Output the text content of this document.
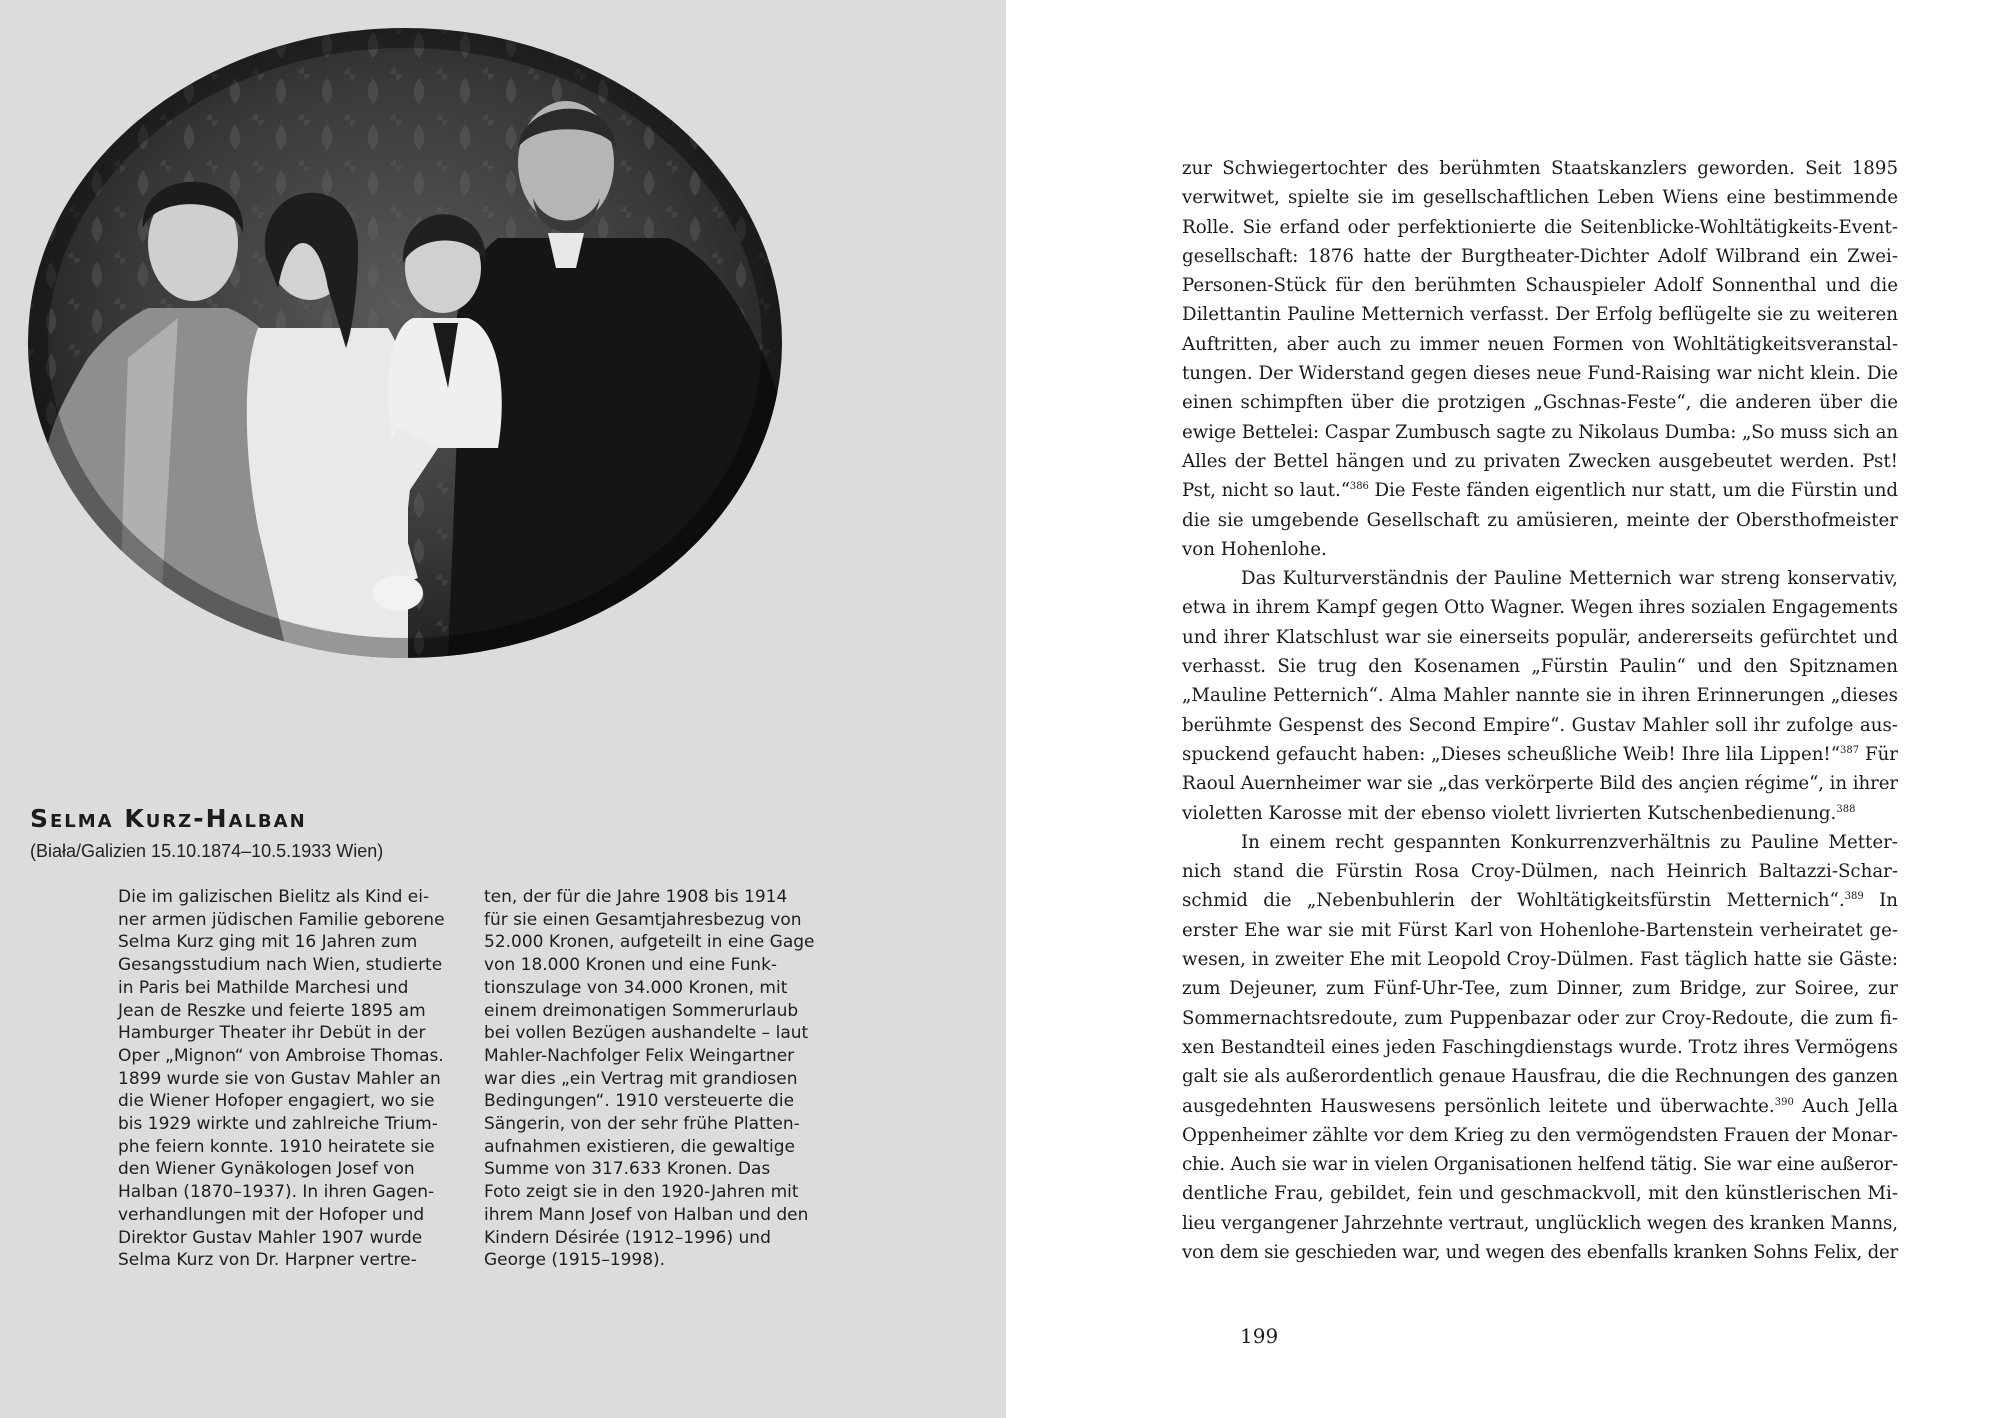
Selma Kurz-Halban

(Biała/Galizien 15.10.1874–10.5.1933 Wien)

Die im galizischen Bielitz als Kind ei-
ner armen jüdischen Familie geborene
Selma Kurz ging mit 16 Jahren zum
Gesangsstudium nach Wien, studierte
in Paris bei Mathilde Marchesi und
Jean de Reszke und feierte 1895 am
Hamburger Theater ihr Debüt in der
Oper „Mignon“ von Ambroise Thomas.
1899 wurde sie von Gustav Mahler an
die Wiener Hofoper engagiert, wo sie
bis 1929 wirkte und zahlreiche Trium-
phe feiern konnte. 1910 heiratete sie
den Wiener Gynäkologen Josef von
Halban (1870–1937). In ihren Gagen-
verhandlungen mit der Hofoper und
Direktor Gustav Mahler 1907 wurde
Selma Kurz von Dr. Harpner vertre-

ten, der für die Jahre 1908 bis 1914
für sie einen Gesamtjahresbezug von
52.000 Kronen, aufgeteilt in eine Gage
von 18.000 Kronen und eine Funk-
tionszulage von 34.000 Kronen, mit
einem dreimonatigen Sommerurlaub
bei vollen Bezügen aushandelte – laut
Mahler-Nachfolger Felix Weingartner
war dies „ein Vertrag mit grandiosen
Bedingungen“. 1910 versteuerte die
Sängerin, von der sehr frühe Platten-
aufnahmen existieren, die gewaltige
Summe von 317.633 Kronen. Das
Foto zeigt sie in den 1920-Jahren mit
ihrem Mann Josef von Halban und den
Kindern Désirée (1912–1996) und
George (1915–1998).

zur Schwiegertochter des berühmten Staatskanzlers geworden. Seit 1895
verwitwet, spielte sie im gesellschaftlichen Leben Wiens eine bestimmende
Rolle. Sie erfand oder perfektionierte die Seitenblicke-Wohltätigkeits-Event-
gesellschaft: 1876 hatte der Burgtheater-Dichter Adolf Wilbrand ein Zwei-
Personen-Stück für den berühmten Schauspieler Adolf Sonnenthal und die
Dilettantin Pauline Metternich verfasst. Der Erfolg beflügelte sie zu weiteren
Auftritten, aber auch zu immer neuen Formen von Wohltätigkeitsveranstal-
tungen. Der Widerstand gegen dieses neue Fund-Raising war nicht klein. Die
einen schimpften über die protzigen „Gschnas-Feste“, die anderen über die
ewige Bettelei: Caspar Zumbusch sagte zu Nikolaus Dumba: „So muss sich an
Alles der Bettel hängen und zu privaten Zwecken ausgebeutet werden. Pst!
Pst, nicht so laut.“$^{386}$ Die Feste fänden eigentlich nur statt, um die Fürstin und
die sie umgebende Gesellschaft zu amüsieren, meinte der Obersthofmeister
von Hohenlohe.
Das Kulturverständnis der Pauline Metternich war streng konservativ,
etwa in ihrem Kampf gegen Otto Wagner. Wegen ihres sozialen Engagements
und ihrer Klatschlust war sie einerseits populär, andererseits gefürchtet und
verhasst. Sie trug den Kosenamen „Fürstin Paulin“ und den Spitznamen
„Mauline Petternich“. Alma Mahler nannte sie in ihren Erinnerungen „dieses
berühmte Gespenst des Second Empire“. Gustav Mahler soll ihr zufolge aus-
spuckend gefaucht haben: „Dieses scheußliche Weib! Ihre lila Lippen!“$^{387}$ Für
Raoul Auernheimer war sie „das verkörperte Bild des ançien régime“, in ihrer
violetten Karosse mit der ebenso violett livrierten Kutschenbedienung.$^{388}$
In einem recht gespannten Konkurrenzverhältnis zu Pauline Metter-
nich stand die Fürstin Rosa Croy-Dülmen, nach Heinrich Baltazzi-Schar-
schmid die „Nebenbuhlerin der Wohltätigkeitsfürstin Metternich“.$^{389}$ In
erster Ehe war sie mit Fürst Karl von Hohenlohe-Bartenstein verheiratet ge-
wesen, in zweiter Ehe mit Leopold Croy-Dülmen. Fast täglich hatte sie Gäste:
zum Dejeuner, zum Fünf-Uhr-Tee, zum Dinner, zum Bridge, zur Soiree, zur
Sommernachtsredoute, zum Puppenbazar oder zur Croy-Redoute, die zum fi-
xen Bestandteil eines jeden Faschingdienstags wurde. Trotz ihres Vermögens
galt sie als außerordentlich genaue Hausfrau, die die Rechnungen des ganzen
ausgedehnten Hauswesens persönlich leitete und überwachte.$^{390}$ Auch Jella
Oppenheimer zählte vor dem Krieg zu den vermögendsten Frauen der Monar-
chie. Auch sie war in vielen Organisationen helfend tätig. Sie war eine außeror-
dentliche Frau, gebildet, fein und geschmackvoll, mit den künstlerischen Mi-
lieu vergangener Jahrzehnte vertraut, unglücklich wegen des kranken Manns,
von dem sie geschieden war, und wegen des ebenfalls kranken Sohns Felix, der

199
